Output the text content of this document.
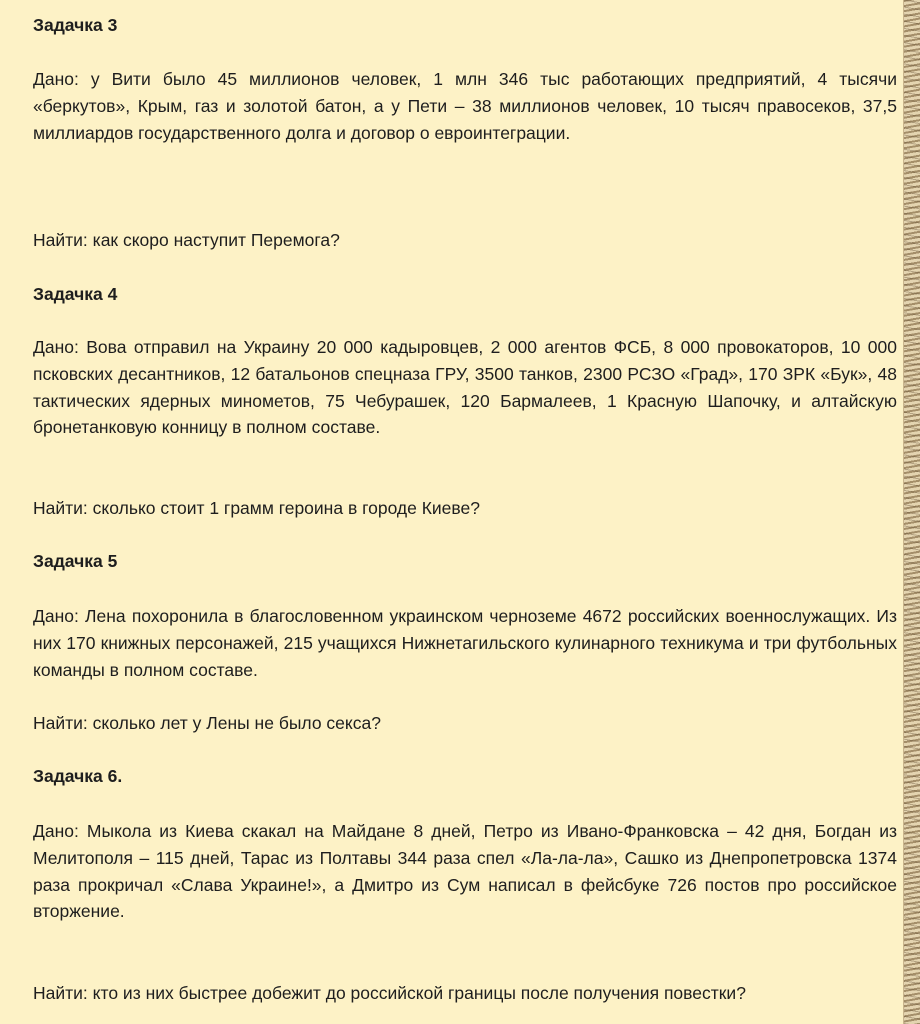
Задачка 3

Дано: у Вити было 45 миллионов человек, 1 млн 346 тыс работающих предприятий, 4 тысячи «беркутов», Крым, газ и золотой батон, а у Пети – 38 миллионов человек, 10 тысяч правосеков, 37,5 миллиардов государственного долга и договор о евроинтеграции.

Найти: как скоро наступит Перемога?

Задачка 4

Дано: Вова отправил на Украину 20 000 кадыровцев, 2 000 агентов ФСБ, 8 000 провокаторов, 10 000 псковских десантников, 12 батальонов спецназа ГРУ, 3500 танков, 2300 РСЗО «Град», 170 ЗРК «Бук», 48 тактических ядерных минометов, 75 Чебурашек, 120 Бармалеев, 1 Красную Шапочку, и алтайскую бронетанковую конницу в полном составе.

Найти: сколько стоит 1 грамм героина в городе Киеве?

Задачка 5

Дано: Лена похоронила в благословенном украинском черноземе 4672 российских военнослужащих. Из них 170 книжных персонажей, 215 учащихся Нижнетагильского кулинарного техникума и три футбольных команды в полном составе.

Найти: сколько лет у Лены не было секса?

Задачка 6.

Дано: Мыкола из Киева скакал на Майдане 8 дней, Петро из Ивано-Франковска – 42 дня, Богдан из Мелитополя – 115 дней, Тарас из Полтавы 344 раза спел «Ла-ла-ла», Сашко из Днепропетровска 1374 раза прокричал «Слава Украине!», а Дмитро из Сум написал в фейсбуке 726 постов про российское вторжение.

Найти: кто из них быстрее добежит до российской границы после получения повестки?
